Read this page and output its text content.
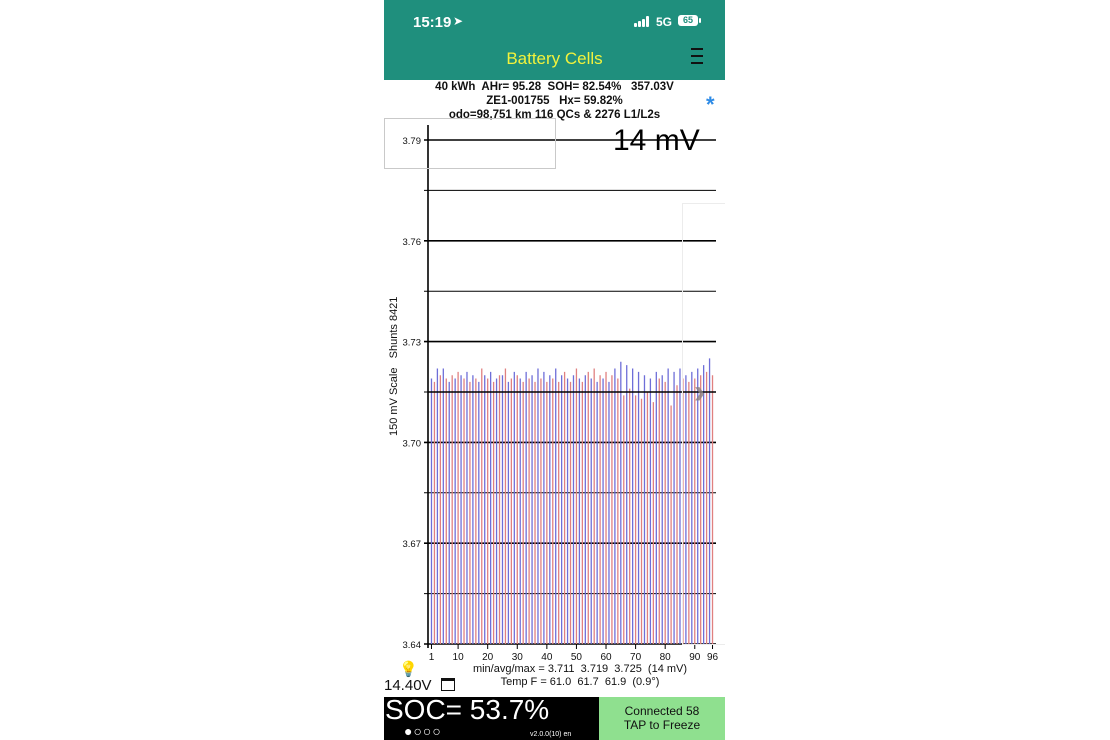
15:19 ➤	5G	65
Battery Cells
40 kWh  AHr= 95.28  SOH= 82.54%   357.03V
ZE1-001755   Hx= 59.82%
odo=98,751 km 116 QCs & 2276 L1/L2s	*
3.79
3.76
3.73
3.70
3.67
3.64
1 10 20 30 40 50 60 70 80 90 96
›
14 mV
150 mV Scale   Shunts 8421
💡	min/avg/max = 3.711  3.719  3.725  (14 mV)
14.40V	Temp F = 61.0  61.7  61.9  (0.9°)
SOC= 53.7%
●○○○	v2.0.0(10) en
Connected 58
TAP to Freeze
